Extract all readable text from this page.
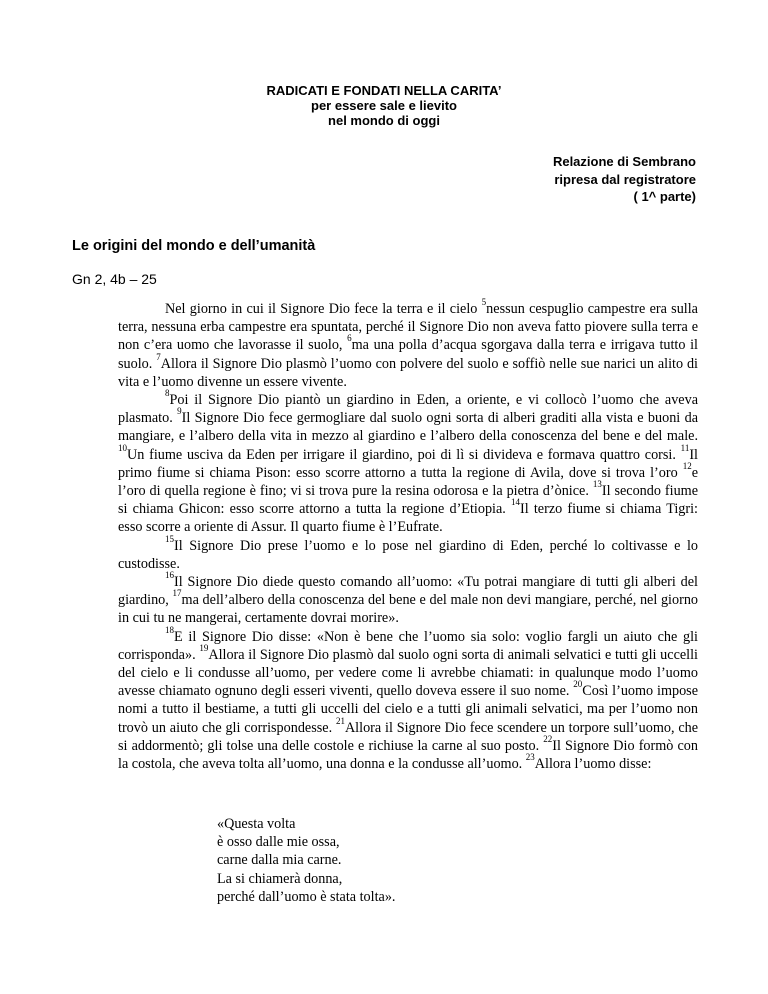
RADICATI E FONDATI NELLA CARITA’
per essere sale e lievito
nel mondo di oggi
Relazione di Sembrano
ripresa dal registratore
( 1^ parte)
Le origini del mondo e dell’umanità
Gn 2, 4b – 25

Nel giorno in cui il Signore Dio fece la terra e il cielo $^5$nessun cespuglio campestre era sulla terra, nessuna erba campestre era spuntata, perché il Signore Dio non aveva fatto piovere sulla terra e non c’era uomo che lavorasse il suolo, $^6$ma una polla d’acqua sgorgava dalla terra e irrigava tutto il suolo. $^7$Allora il Signore Dio plasmò l’uomo con polvere del suolo e soffiò nelle sue narici un alito di vita e l’uomo divenne un essere vivente.

$^8$Poi il Signore Dio piantò un giardino in Eden, a oriente, e vi collocò l’uomo che aveva plasmato. $^9$Il Signore Dio fece germogliare dal suolo ogni sorta di alberi graditi alla vista e buoni da mangiare, e l’albero della vita in mezzo al giardino e l’albero della conoscenza del bene e del male. $^{10}$Un fiume usciva da Eden per irrigare il giardino, poi di lì si divideva e formava quattro corsi. $^{11}$Il primo fiume si chiama Pison: esso scorre attorno a tutta la regione di Avila, dove si trova l’oro $^{12}$e l’oro di quella regione è fino; vi si trova pure la resina odorosa e la pietra d’ònice. $^{13}$Il secondo fiume si chiama Ghicon: esso scorre attorno a tutta la regione d’Etiopia. $^{14}$Il terzo fiume si chiama Tigri: esso scorre a oriente di Assur. Il quarto fiume è l’Eufrate.

$^{15}$Il Signore Dio prese l’uomo e lo pose nel giardino di Eden, perché lo coltivasse e lo custodisse.

$^{16}$Il Signore Dio diede questo comando all’uomo: «Tu potrai mangiare di tutti gli alberi del giardino, $^{17}$ma dell’albero della conoscenza del bene e del male non devi mangiare, perché, nel giorno in cui tu ne mangerai, certamente dovrai morire».

$^{18}$E il Signore Dio disse: «Non è bene che l’uomo sia solo: voglio fargli un aiuto che gli corrisponda». $^{19}$Allora il Signore Dio plasmò dal suolo ogni sorta di animali selvatici e tutti gli uccelli del cielo e li condusse all’uomo, per vedere come li avrebbe chiamati: in qualunque modo l’uomo avesse chiamato ognuno degli esseri viventi, quello doveva essere il suo nome. $^{20}$Così l’uomo impose nomi a tutto il bestiame, a tutti gli uccelli del cielo e a tutti gli animali selvatici, ma per l’uomo non trovò un aiuto che gli corrispondesse. $^{21}$Allora il Signore Dio fece scendere un torpore sull’uomo, che si addormentò; gli tolse una delle costole e richiuse la carne al suo posto. $^{22}$Il Signore Dio formò con la costola, che aveva tolta all’uomo, una donna e la condusse all’uomo. $^{23}$Allora l’uomo disse:

«Questa volta
è osso dalle mie ossa,
carne dalla mia carne.
La si chiamerà donna,
perché dall’uomo è stata tolta».
